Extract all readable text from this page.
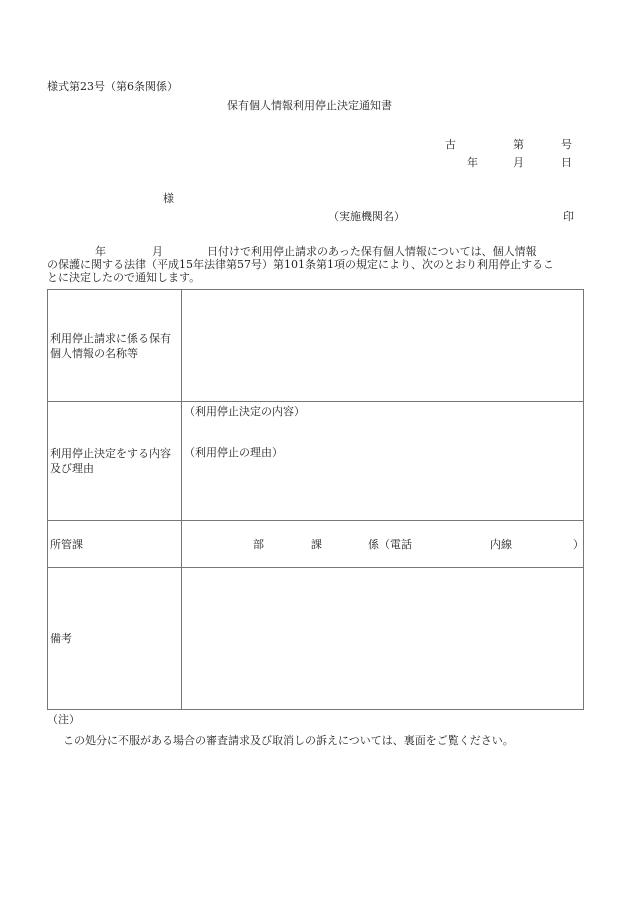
様式第23号（第6条関係）
保有個人情報利用停止決定通知書
古	第	号
年	月	日
様
（実施機関名）	印
年	月	日付けで利用停止請求のあった保有個人情報については、個人情報
の保護に関する法律（平成15年法律第57号）第101条第1項の規定により、次のとおり利用停止するこ
とに決定したので通知します。
利用停止請求に係る保有個人情報の名称等	
利用停止決定をする内容及び理由	（利用停止決定の内容）
（利用停止の理由）

所管課	部 課 係（電話 内線 ）

備考	
（注）
この処分に不服がある場合の審査請求及び取消しの訴えについては、裏面をご覧ください。
